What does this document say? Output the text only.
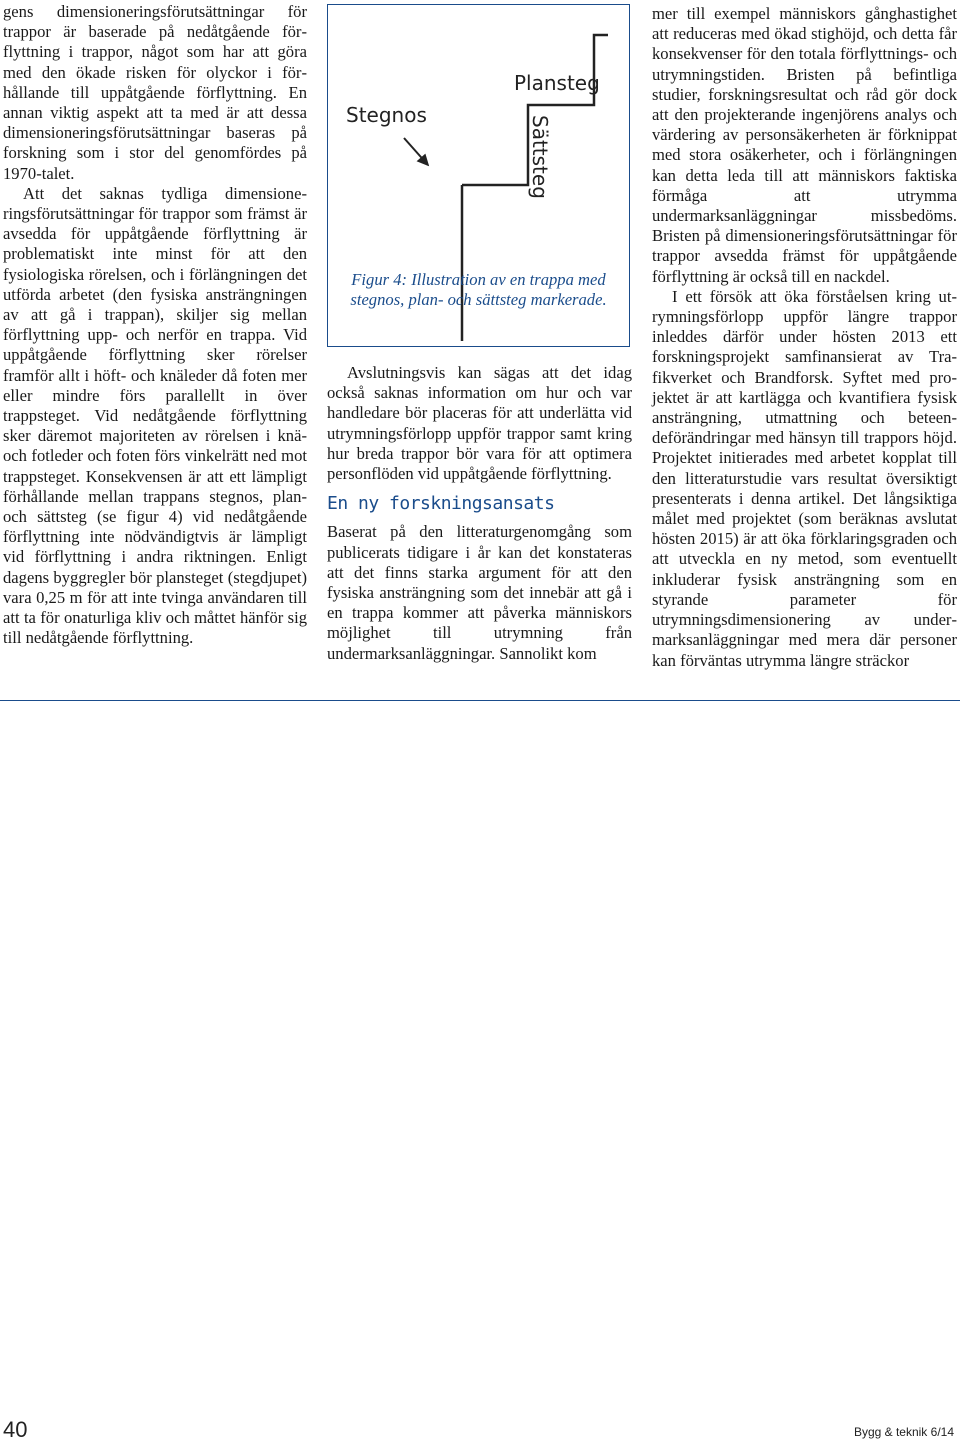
gens dimensioneringsförutsättningar för trappor är baserade på nedåtgående förflyttning i trappor, något som har att göra med den ökade risken för olyckor i förhållande till uppåtgående förflyttning. En annan viktig aspekt att ta med är att dessa dimensioneringsförutsättningar baseras på forskning som i stor del genomfördes på 1970-talet.

Att det saknas tydliga dimensioneringsförutsättningar för trappor som främst är avsedda för uppåtgående förflyttning är problematiskt inte minst för att den fysiologiska rörelsen, och i förlängningen det utförda arbetet (den fysiska ansträngningen av att gå i trappan), skiljer sig mellan förflyttning upp- och nerför en trappa. Vid uppåtgående förflyttning sker rörelser framför allt i höft- och knäleder då foten mer eller mindre förs parallellt in över trappsteget. Vid nedåtgående förflyttning sker däremot majoriteten av rörelsen i knä- och fotleder och foten förs vinkelrätt ned mot trappsteget. Konsekvensen är att ett lämpligt förhållande mellan trappans stegnos, plan- och sättsteg (se figur 4) vid nedåtgående förflyttning inte nödvändigtvis är lämpligt vid förflyttning i andra riktningen. Enligt dagens byggregler bör plansteget (stegdjupet) vara 0,25 m för att inte tvinga användaren till att ta för onaturliga kliv och måttet hänför sig till nedåtgående förflyttning.

Stegnos
Plansteg
Sättsteg
Figur 4: Illustration av en trappa med stegnos, plan- och sättsteg markerade.

Avslutningsvis kan sägas att det idag också saknas information om hur och var handledare bör placeras för att underlätta vid utrymningsförlopp uppför trappor samt kring hur breda trappor bör vara för att optimera personflöden vid uppåtgående förflyttning.

En ny forskningsansats

Baserat på den litteraturgenomgång som publicerats tidigare i år kan det konstateras att det finns starka argument för att den fysiska ansträngning som det innebär att gå i en trappa kommer att påverka människors möjlighet till utrymning från undermarksanläggningar. Sannolikt kom

mer till exempel människors gånghastighet att reduceras med ökad stighöjd, och detta får konsekvenser för den totala förflyttnings- och utrymningstiden. Bristen på befintliga studier, forskningsresultat och råd gör dock att den projekterande ingenjörens analys och värdering av personsäkerheten är förknippat med stora osäkerheter, och i förlängningen kan detta leda till att människors faktiska förmåga att utrymma undermarksanläggningar missbedöms. Bristen på dimensioneringsförutsättningar för trappor avsedda främst för uppåtgående förflyttning är också till en nackdel.

I ett försök att öka förståelsen kring utrymningsförlopp uppför längre trappor inleddes därför under hösten 2013 ett forskningsprojekt samfinansierat av Trafikverket och Brandforsk. Syftet med projektet är att kartlägga och kvantifiera fysisk ansträngning, utmattning och beteendeförändringar med hänsyn till trappors höjd. Projektet initierades med arbetet kopplat till den litteraturstudie vars resultat översiktigt presenterats i denna artikel. Det långsiktiga målet med projektet (som beräknas avslutat hösten 2015) är att öka förklaringsgraden och att utveckla en ny metod, som eventuellt inkluderar fysisk ansträngning som en styrande parameter för utrymningsdimensionering av undermarksanläggningar med mera där personer kan förväntas utrymma längre sträckor

40	Bygg & teknik 6/14
